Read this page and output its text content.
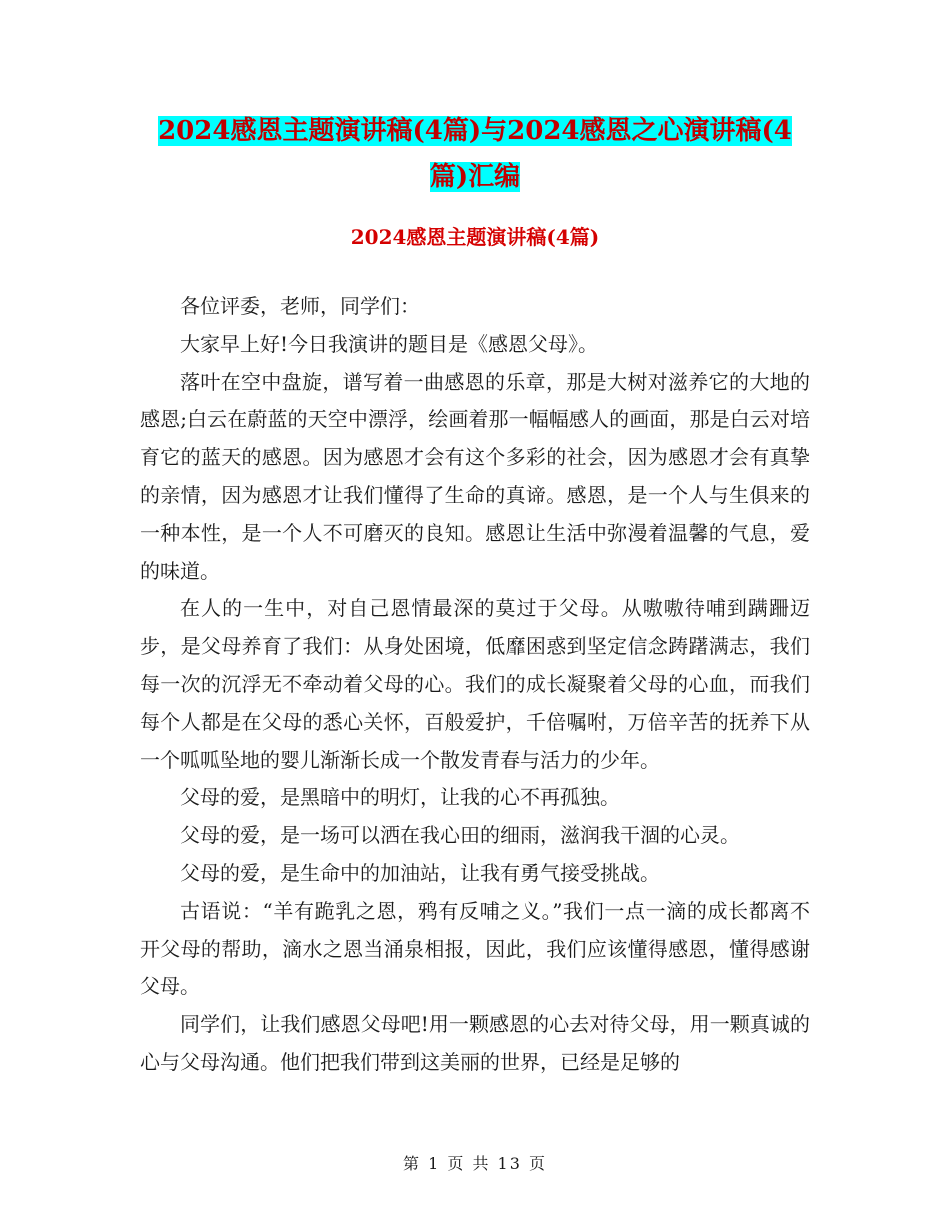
2024感恩主题演讲稿(4篇)与2024感恩之心演讲稿(4篇)汇编
2024感恩主题演讲稿(4篇)

各位评委，老师，同学们：

大家早上好!今日我演讲的题目是《感恩父母》。

落叶在空中盘旋，谱写着一曲感恩的乐章，那是大树对滋养它的大地的感恩;白云在蔚蓝的天空中漂浮，绘画着那一幅幅感人的画面，那是白云对培育它的蓝天的感恩。因为感恩才会有这个多彩的社会，因为感恩才会有真挚的亲情，因为感恩才让我们懂得了生命的真谛。感恩，是一个人与生俱来的一种本性，是一个人不可磨灭的良知。感恩让生活中弥漫着温馨的气息，爱的味道。

在人的一生中，对自己恩情最深的莫过于父母。从嗷嗷待哺到蹒跚迈步，是父母养育了我们：从身处困境，低靡困惑到坚定信念踌躇满志，我们每一次的沉浮无不牵动着父母的心。我们的成长凝聚着父母的心血，而我们每个人都是在父母的悉心关怀，百般爱护，千倍嘱咐，万倍辛苦的抚养下从一个呱呱坠地的婴儿渐渐长成一个散发青春与活力的少年。

父母的爱，是黑暗中的明灯，让我的心不再孤独。

父母的爱，是一场可以洒在我心田的细雨，滋润我干涸的心灵。

父母的爱，是生命中的加油站，让我有勇气接受挑战。

古语说：“羊有跪乳之恩，鸦有反哺之义。”我们一点一滴的成长都离不开父母的帮助，滴水之恩当涌泉相报，因此，我们应该懂得感恩，懂得感谢父母。

同学们，让我们感恩父母吧!用一颗感恩的心去对待父母，用一颗真诚的心与父母沟通。他们把我们带到这美丽的世界，已经是足够的

第 1 页 共 13 页
